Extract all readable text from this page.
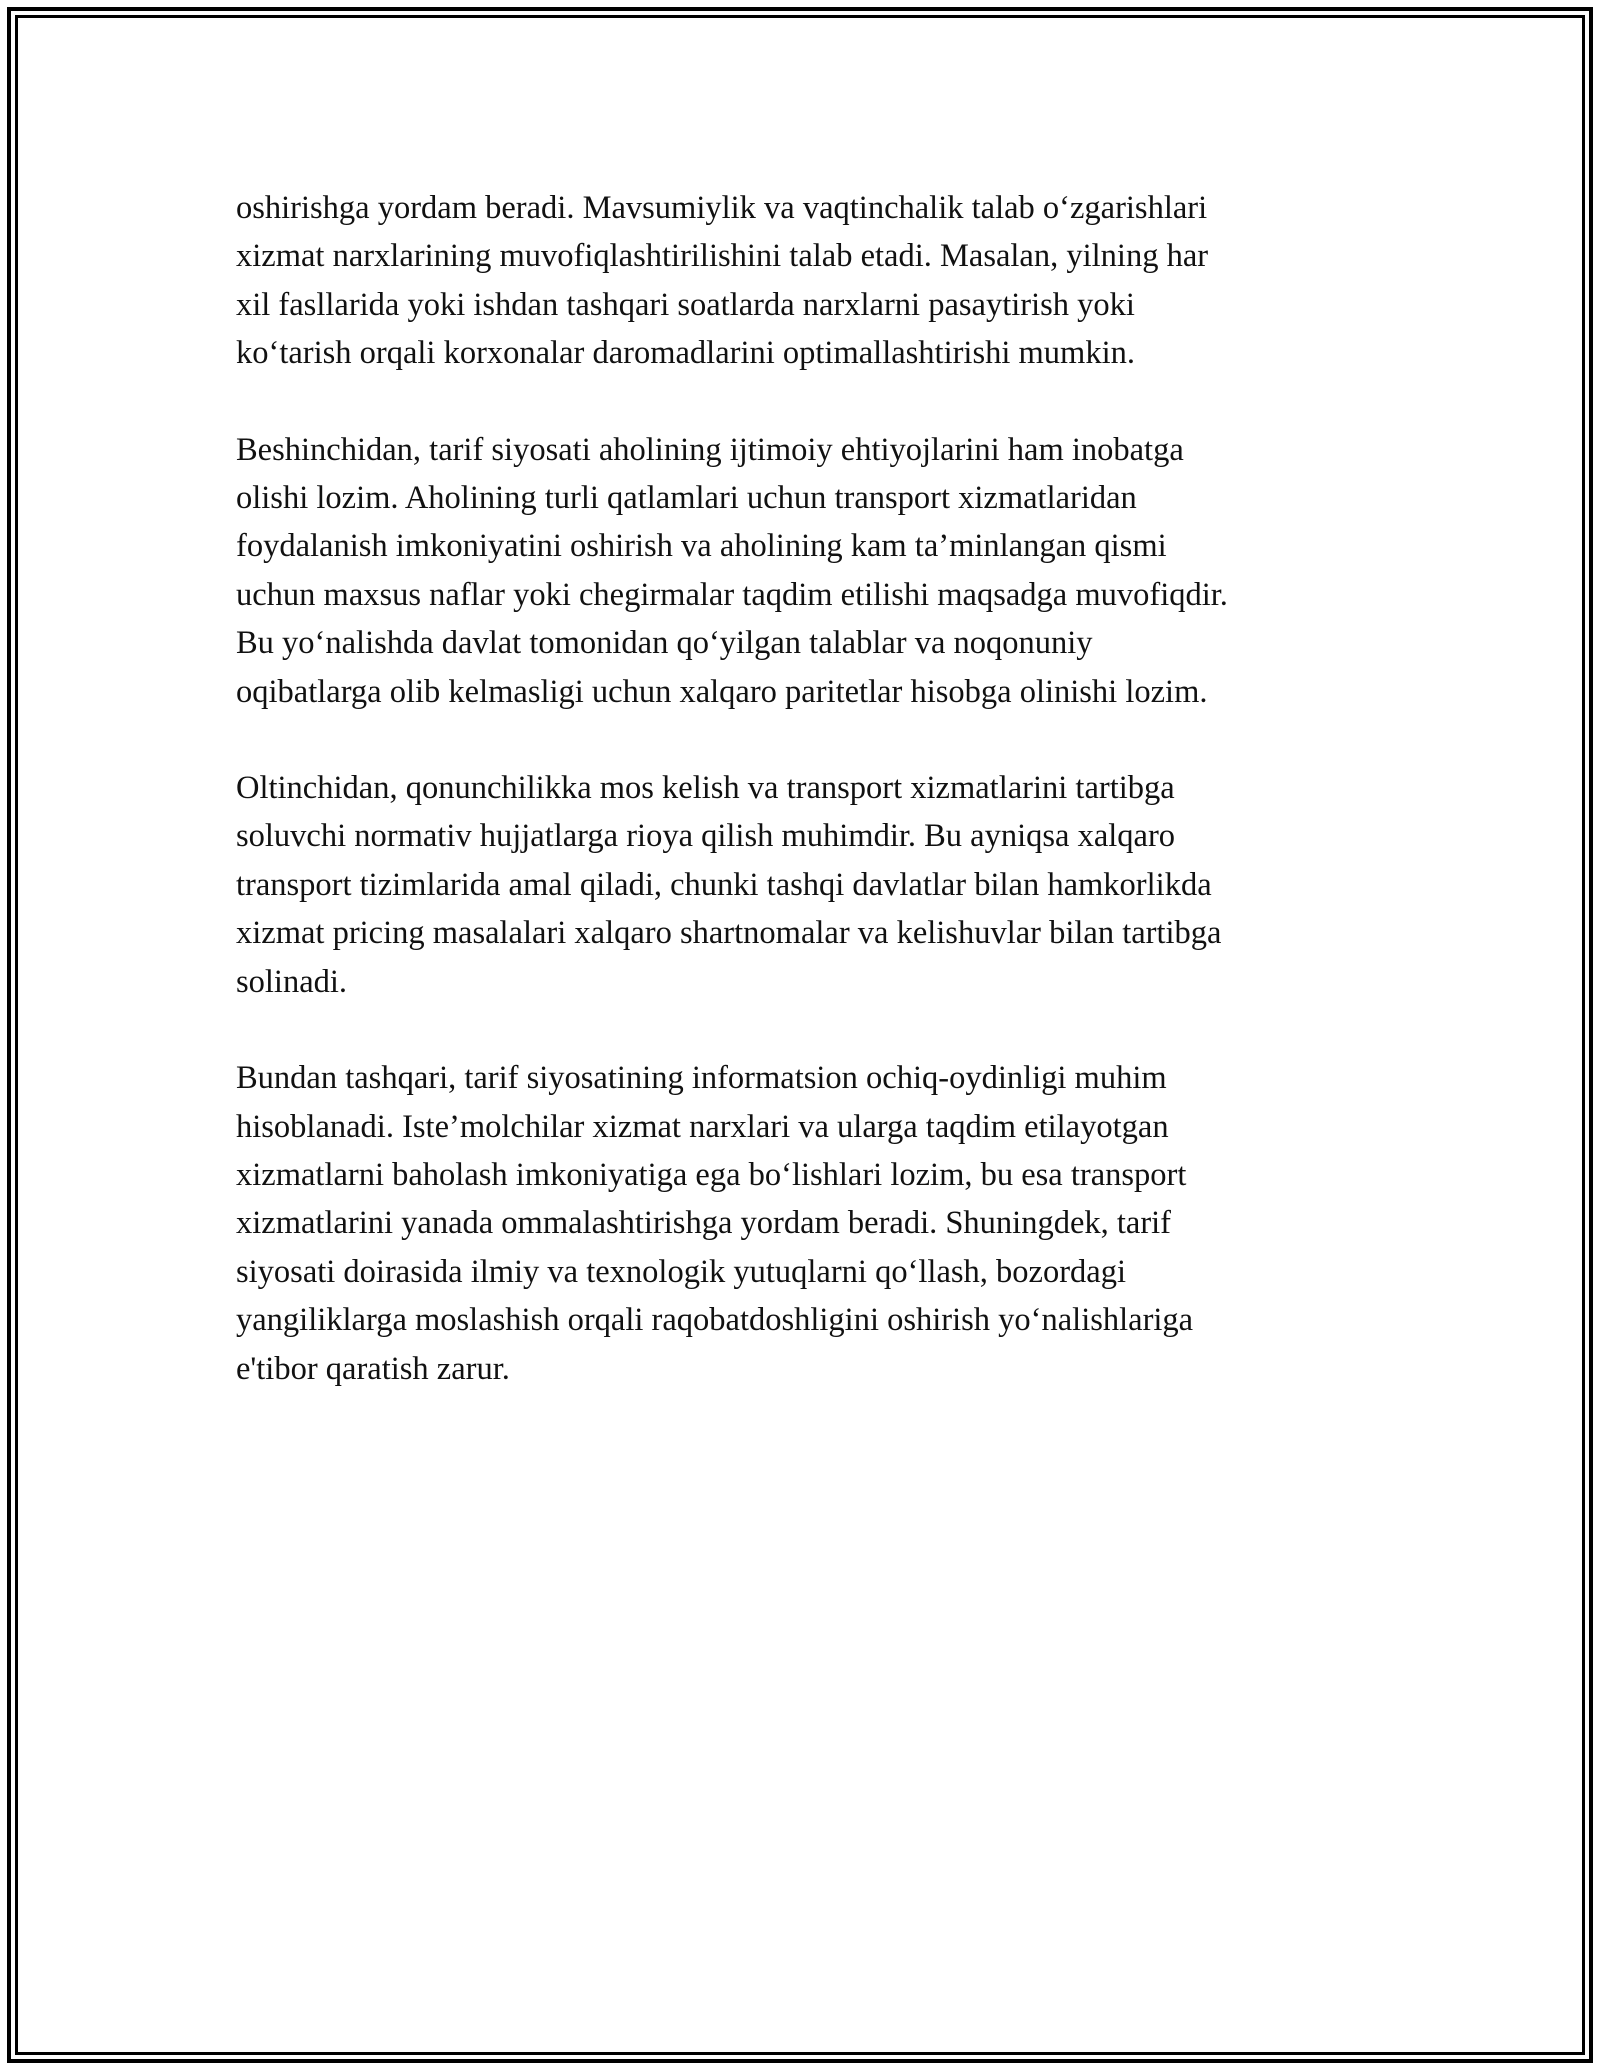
oshirishga yordam beradi. Mavsumiylik va vaqtinchalik talab o‘zgarishlari
xizmat narxlarining muvofiqlashtirilishini talab etadi. Masalan, yilning har
xil fasllarida yoki ishdan tashqari soatlarda narxlarni pasaytirish yoki
ko‘tarish orqali korxonalar daromadlarini optimallashtirishi mumkin.

Beshinchidan, tarif siyosati aholining ijtimoiy ehtiyojlarini ham inobatga
olishi lozim. Aholining turli qatlamlari uchun transport xizmatlaridan
foydalanish imkoniyatini oshirish va aholining kam ta’minlangan qismi
uchun maxsus naflar yoki chegirmalar taqdim etilishi maqsadga muvofiqdir.
Bu yo‘nalishda davlat tomonidan qo‘yilgan talablar va noqonuniy
oqibatlarga olib kelmasligi uchun xalqaro paritetlar hisobga olinishi lozim.

Oltinchidan, qonunchilikka mos kelish va transport xizmatlarini tartibga
soluvchi normativ hujjatlarga rioya qilish muhimdir. Bu ayniqsa xalqaro
transport tizimlarida amal qiladi, chunki tashqi davlatlar bilan hamkorlikda
xizmat pricing masalalari xalqaro shartnomalar va kelishuvlar bilan tartibga
solinadi.

Bundan tashqari, tarif siyosatining informatsion ochiq-oydinligi muhim
hisoblanadi. Iste’molchilar xizmat narxlari va ularga taqdim etilayotgan
xizmatlarni baholash imkoniyatiga ega bo‘lishlari lozim, bu esa transport
xizmatlarini yanada ommalashtirishga yordam beradi. Shuningdek, tarif
siyosati doirasida ilmiy va texnologik yutuqlarni qo‘llash, bozordagi
yangiliklarga moslashish orqali raqobatdoshligini oshirish yo‘nalishlariga
e'tibor qaratish zarur.
